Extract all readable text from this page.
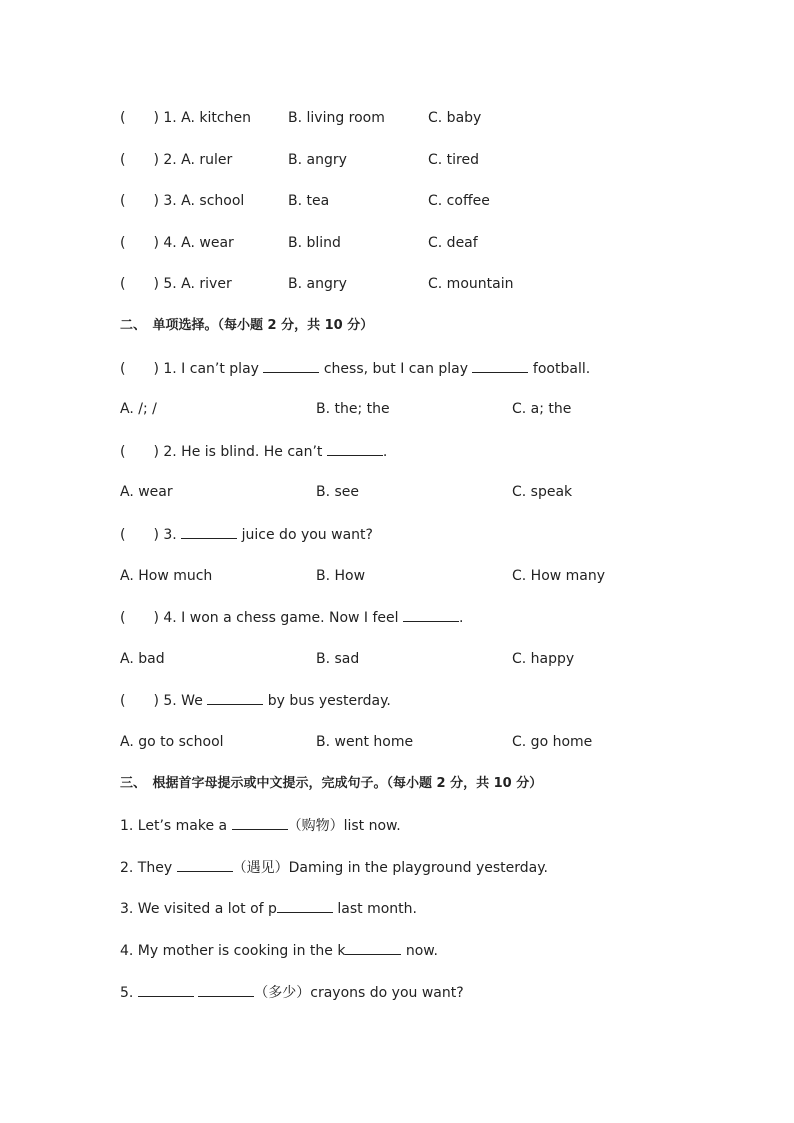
(　　) 1. A. kitchen	B. living room	C. baby
(　　) 2. A. ruler	B. angry	C. tired
(　　) 3. A. school	B. tea	C. coffee
(　　) 4. A. wear	B. blind	C. deaf
(　　) 5. A. river	B. angry	C. mountain
二、　单项选择。（每小题 2 分，共 10 分）
(　　) 1. I can’t play	chess, but I can play	football.
A. /; /	B. the; the	C. a; the
(　　) 2. He is blind. He can’t	.
A. wear	B. see	C. speak
(　　) 3.	juice do you want?
A. How much	B. How	C. How many
(　　) 4. I won a chess game. Now I feel	.
A. bad	B. sad	C. happy
(　　) 5. We	by bus yesterday.
A. go to school	B. went home	C. go home
三、　根据首字母提示或中文提示，完成句子。（每小题 2 分，共 10 分）
1. Let’s make a	（购物）list now.
2. They	（遇见）Daming in the playground yesterday.
3. We visited a lot of p	last month.
4. My mother is cooking in the k	now.
5.	（多少）crayons do you want?
